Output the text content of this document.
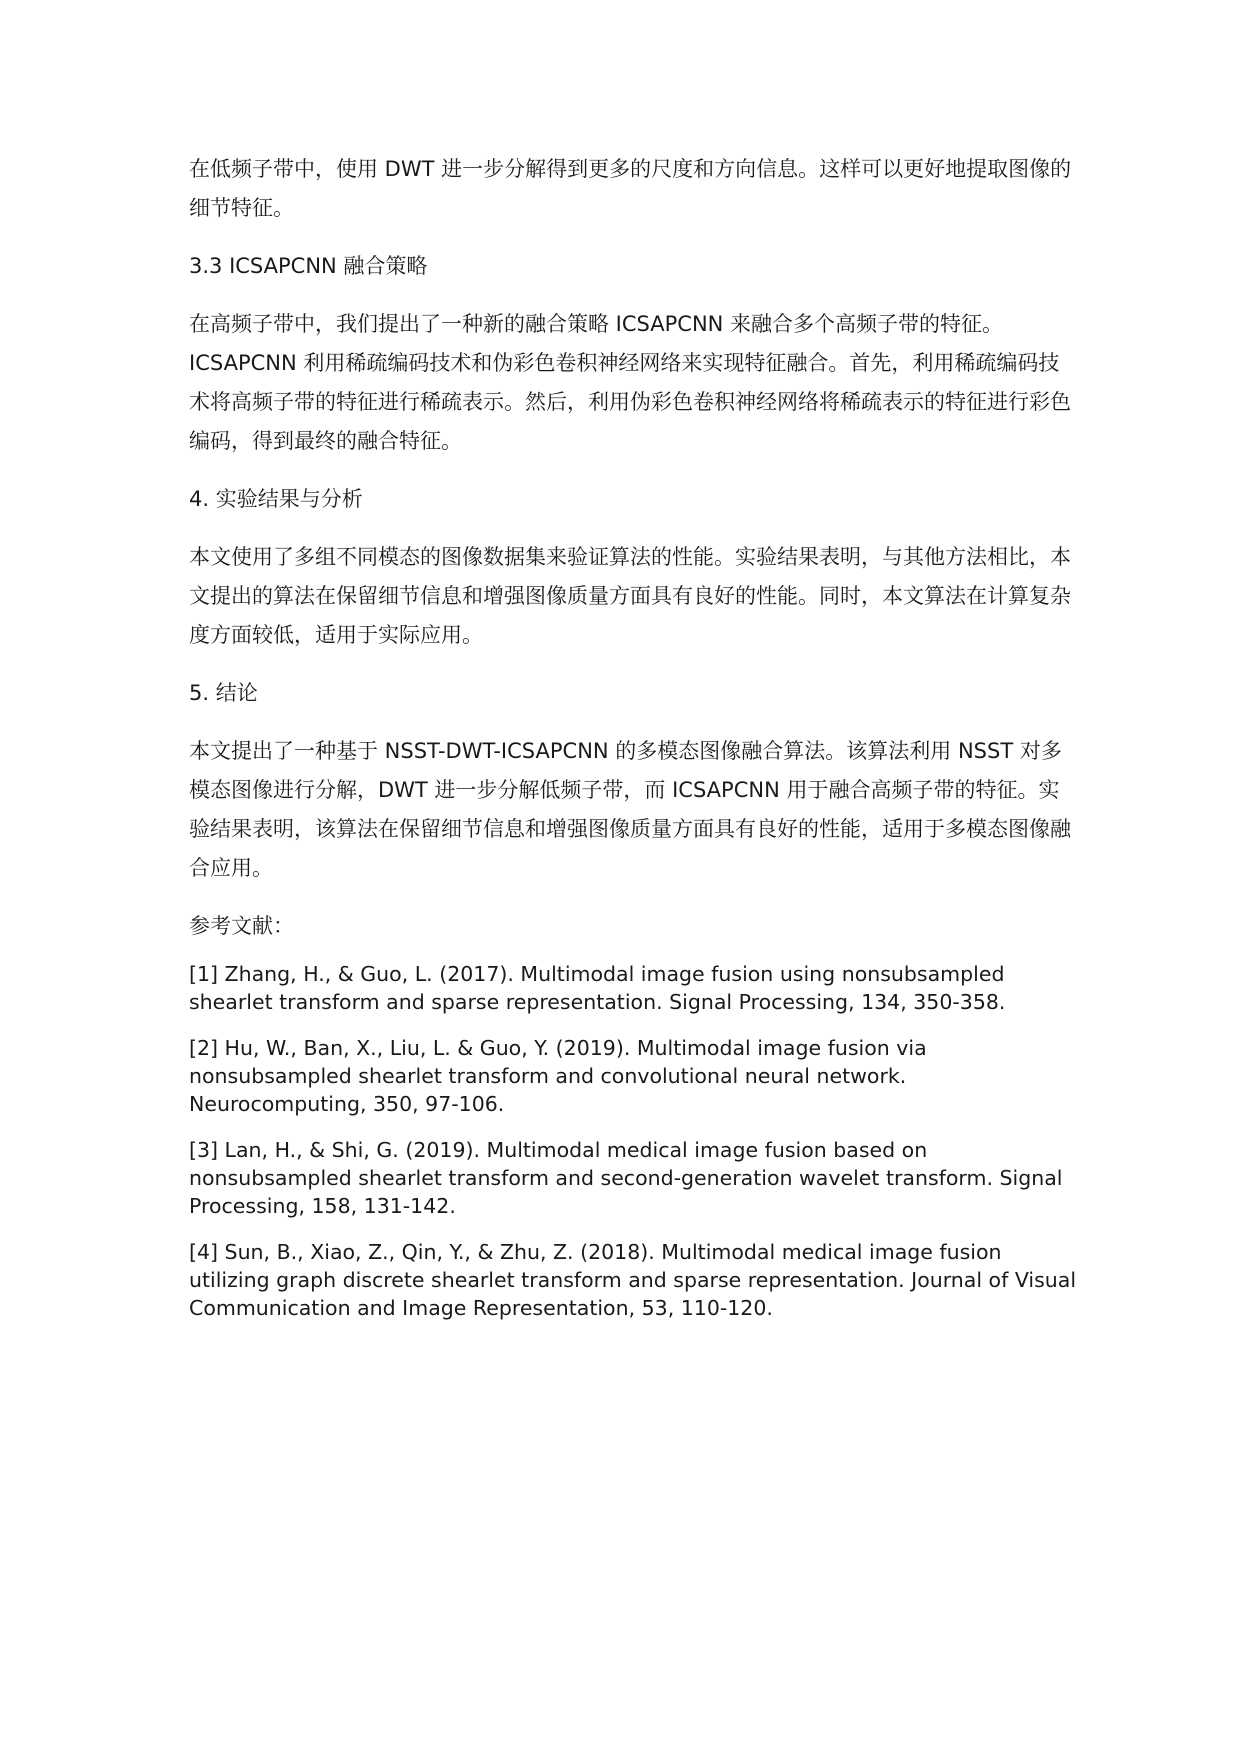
在低频子带中，使用 DWT 进一步分解得到更多的尺度和方向信息。这样可以更好地提取图像的细节特征。

3.3 ICSAPCNN 融合策略

在高频子带中，我们提出了一种新的融合策略 ICSAPCNN 来融合多个高频子带的特征。ICSAPCNN 利用稀疏编码技术和伪彩色卷积神经网络来实现特征融合。首先，利用稀疏编码技术将高频子带的特征进行稀疏表示。然后，利用伪彩色卷积神经网络将稀疏表示的特征进行彩色编码，得到最终的融合特征。

4. 实验结果与分析

本文使用了多组不同模态的图像数据集来验证算法的性能。实验结果表明，与其他方法相比，本文提出的算法在保留细节信息和增强图像质量方面具有良好的性能。同时，本文算法在计算复杂度方面较低，适用于实际应用。

5. 结论

本文提出了一种基于 NSST-DWT-ICSAPCNN 的多模态图像融合算法。该算法利用 NSST 对多模态图像进行分解，DWT 进一步分解低频子带，而 ICSAPCNN 用于融合高频子带的特征。实验结果表明，该算法在保留细节信息和增强图像质量方面具有良好的性能，适用于多模态图像融合应用。

参考文献：

[1] Zhang, H., & Guo, L. (2017). Multimodal image fusion using nonsubsampled shearlet transform and sparse representation. Signal Processing, 134, 350-358.

[2] Hu, W., Ban, X., Liu, L. & Guo, Y. (2019). Multimodal image fusion via nonsubsampled shearlet transform and convolutional neural network. Neurocomputing, 350, 97-106.

[3] Lan, H., & Shi, G. (2019). Multimodal medical image fusion based on nonsubsampled shearlet transform and second-generation wavelet transform. Signal Processing, 158, 131-142.

[4] Sun, B., Xiao, Z., Qin, Y., & Zhu, Z. (2018). Multimodal medical image fusion utilizing graph discrete shearlet transform and sparse representation. Journal of Visual Communication and Image Representation, 53, 110-120.
